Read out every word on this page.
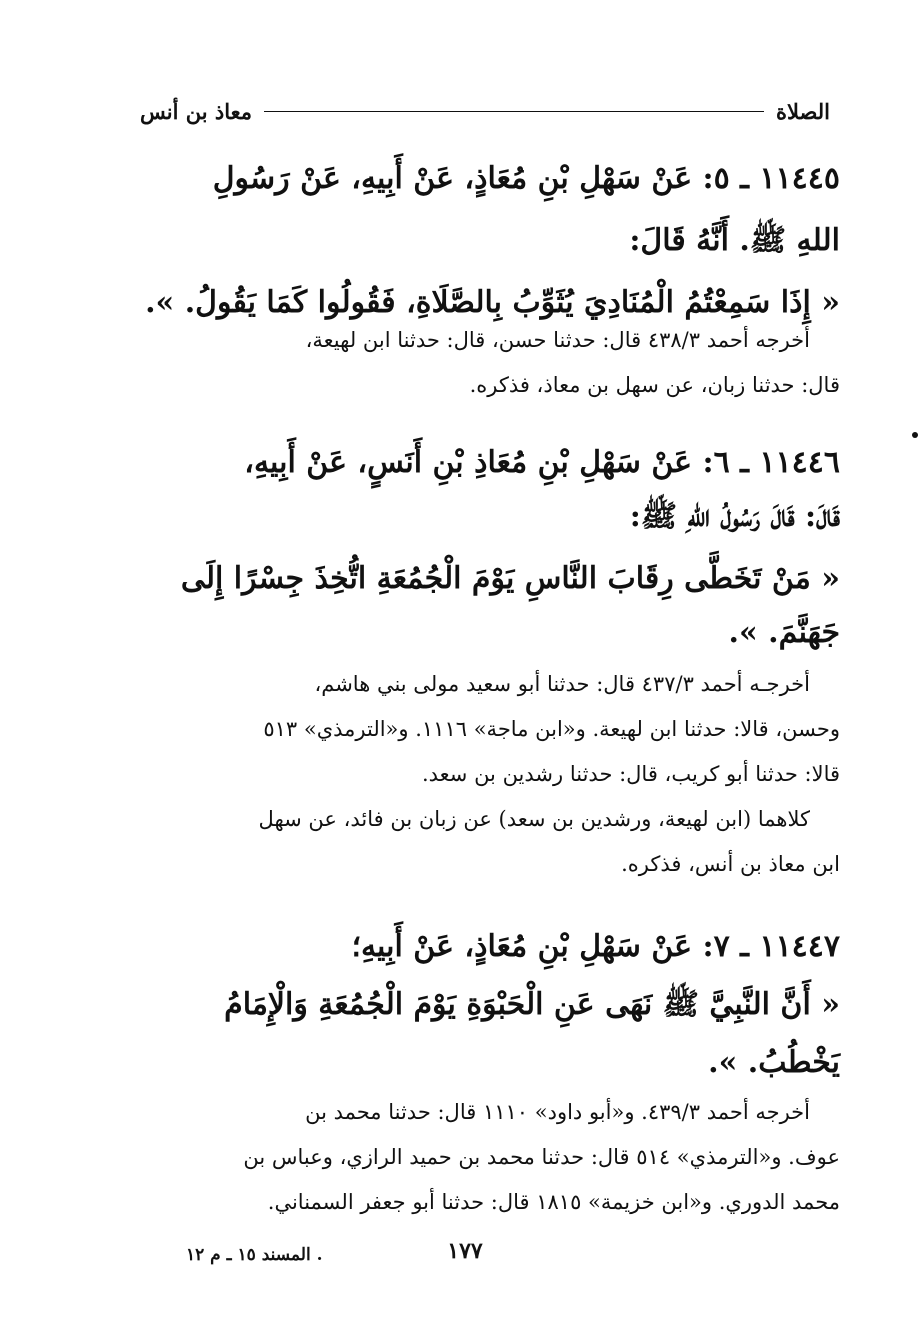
الصلاة
معاذ بن أنس

١١٤٤٥ ـ ٥: عَنْ سَهْلِ بْنِ مُعَاذٍ، عَنْ أَبِيهِ، عَنْ رَسُولِ

اللهِ ﷺ. أَنَّهُ قَالَ:

« إِذَا سَمِعْتُمُ الْمُنَادِيَ يُثَوِّبُ بِالصَّلَاةِ، فَقُولُوا كَمَا يَقُولُ. ».

أخرجه أحمد ٤٣٨/٣ قال: حدثنا حسن، قال: حدثنا ابن لهيعة،

قال: حدثنا زبان، عن سهل بن معاذ، فذكره.

١١٤٤٦ ـ ٦: عَنْ سَهْلِ بْنِ مُعَاذِ بْنِ أَنَسٍ، عَنْ أَبِيهِ،

قَالَ: قَالَ رَسُولُ اللهِ ﷺ:

« مَنْ تَخَطَّى رِقَابَ النَّاسِ يَوْمَ الْجُمُعَةِ اتُّخِذَ جِسْرًا إِلَى

جَهَنَّمَ. ».

أخرجـه أحمد ٤٣٧/٣ قال: حدثنا أبو سعيد مولى بني هاشم،

وحسن، قالا: حدثنا ابن لهيعة. و«ابن ماجة» ١١١٦. و«الترمذي» ٥١٣

قالا: حدثنا أبو كريب، قال: حدثنا رشدين بن سعد.

كلاهما (ابن لهيعة، ورشدين بن سعد) عن زبان بن فائد، عن سهل

ابن معاذ بن أنس، فذكره.

١١٤٤٧ ـ ٧: عَنْ سَهْلِ بْنِ مُعَاذٍ، عَنْ أَبِيهِ؛

« أَنَّ النَّبِيَّ ﷺ نَهَى عَنِ الْحَبْوَةِ يَوْمَ الْجُمُعَةِ وَالْإِمَامُ

يَخْطُبُ. ».

أخرجه أحمد ٤٣٩/٣. و«أبو داود» ١١١٠ قال: حدثنا محمد بن

عوف. و«الترمذي» ٥١٤ قال: حدثنا محمد بن حميد الرازي، وعباس بن

محمد الدوري. و«ابن خزيمة» ١٨١٥ قال: حدثنا أبو جعفر السمناني.

١٧٧
. المسند ١٥ ـ م ١٢
